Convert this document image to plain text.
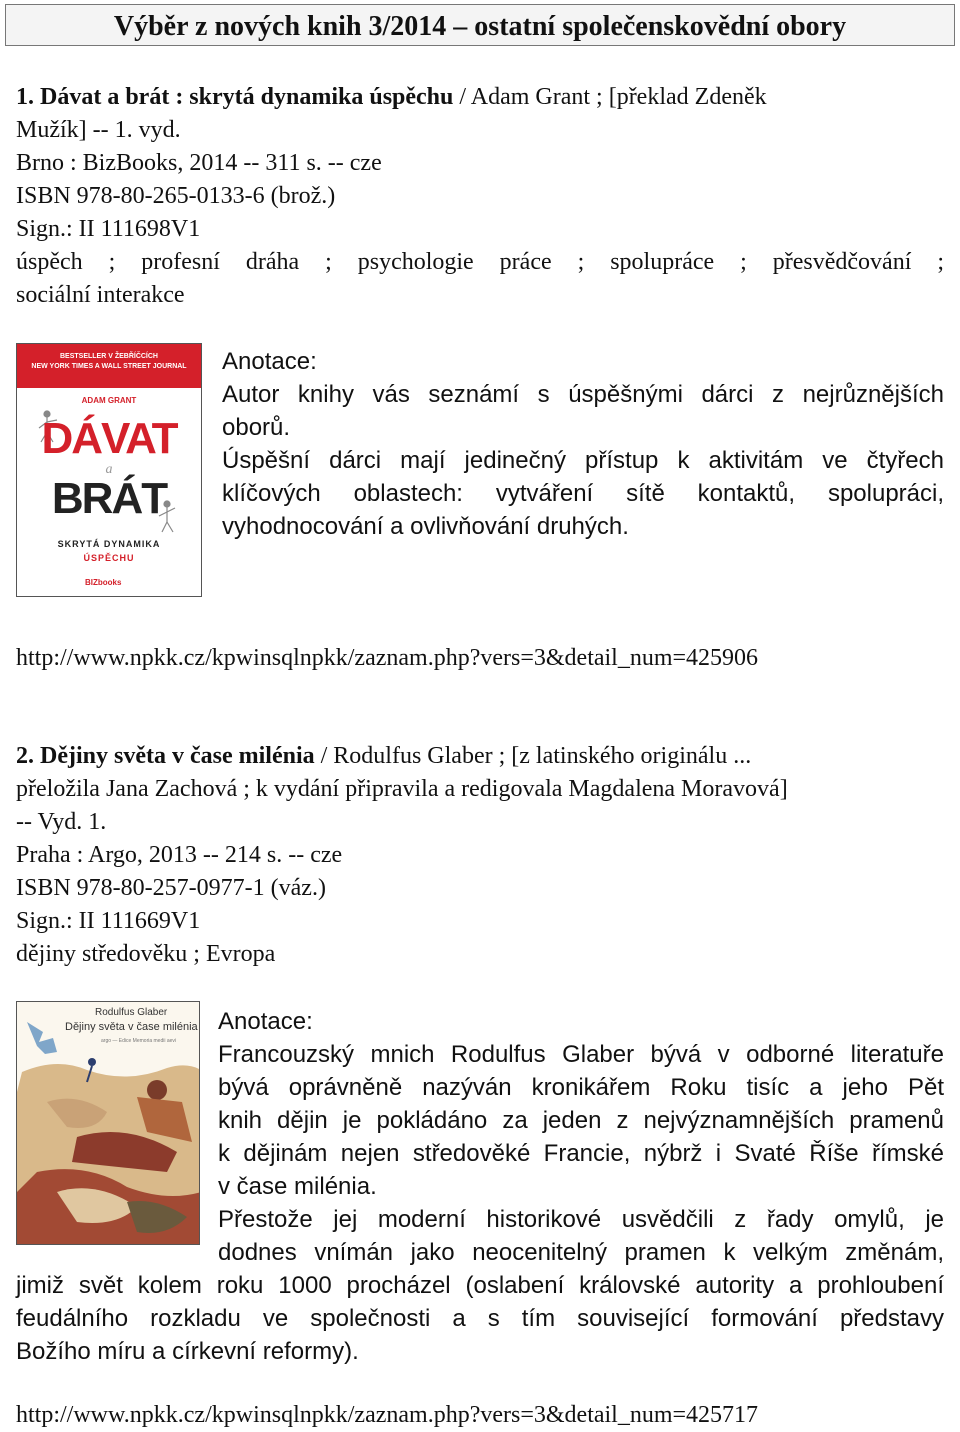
Výběr z nových knih 3/2014 – ostatní společenskovědní obory
1. Dávat a brát : skrytá dynamika úspěchu / Adam Grant ; [překlad Zdeněk
Mužík] -- 1. vyd.
Brno : BizBooks, 2014 -- 311 s. -- cze
ISBN 978-80-265-0133-6 (brož.)
Sign.: II 111698V1
úspěch ; profesní dráha ; psychologie práce ; spolupráce ; přesvědčování ;
sociální interakce
BESTSELLER V ŽEBŘÍČCÍCH
NEW YORK TIMES A WALL STREET JOURNAL
ADAM GRANT
DÁVAT
a
BRÁT
SKRYTÁ DYNAMIKA
ÚSPĚCHU
BIZbooks
Anotace:
Autor knihy vás seznámí s úspěšnými dárci z nejrůznějších
oborů.
Úspěšní dárci mají jedinečný přístup k aktivitám ve čtyřech
klíčových oblastech: vytváření sítě kontaktů, spolupráci,
vyhodnocování a ovlivňování druhých.
http://www.npkk.cz/kpwinsqlnpkk/zaznam.php?vers=3&detail_num=425906
2. Dějiny světa v čase milénia / Rodulfus Glaber ; [z latinského originálu ...
přeložila Jana Zachová ; k vydání připravila a redigovala Magdalena Moravová]
-- Vyd. 1.
Praha : Argo, 2013 -- 214 s. -- cze
ISBN 978-80-257-0977-1 (váz.)
Sign.: II 111669V1
dějiny středověku ; Evropa
Rodulfus Glaber
Dějiny světa v čase milénia
argo — Edice Memoria medii aevi
Anotace:
Francouzský mnich Rodulfus Glaber bývá v odborné literatuře
bývá oprávněně nazýván kronikářem Roku tisíc a jeho Pět
knih dějin je pokládáno za jeden z nejvýznamnějších pramenů
k dějinám nejen středověké Francie, nýbrž i Svaté Říše římské
v čase milénia.
Přestože jej moderní historikové usvědčili z řady omylů, je
dodnes vnímán jako neocenitelný pramen k velkým změnám,
jimiž svět kolem roku 1000 procházel (oslabení královské autority a prohloubení
feudálního rozkladu ve společnosti a s tím související formování představy
Božího míru a církevní reformy).
http://www.npkk.cz/kpwinsqlnpkk/zaznam.php?vers=3&detail_num=425717
